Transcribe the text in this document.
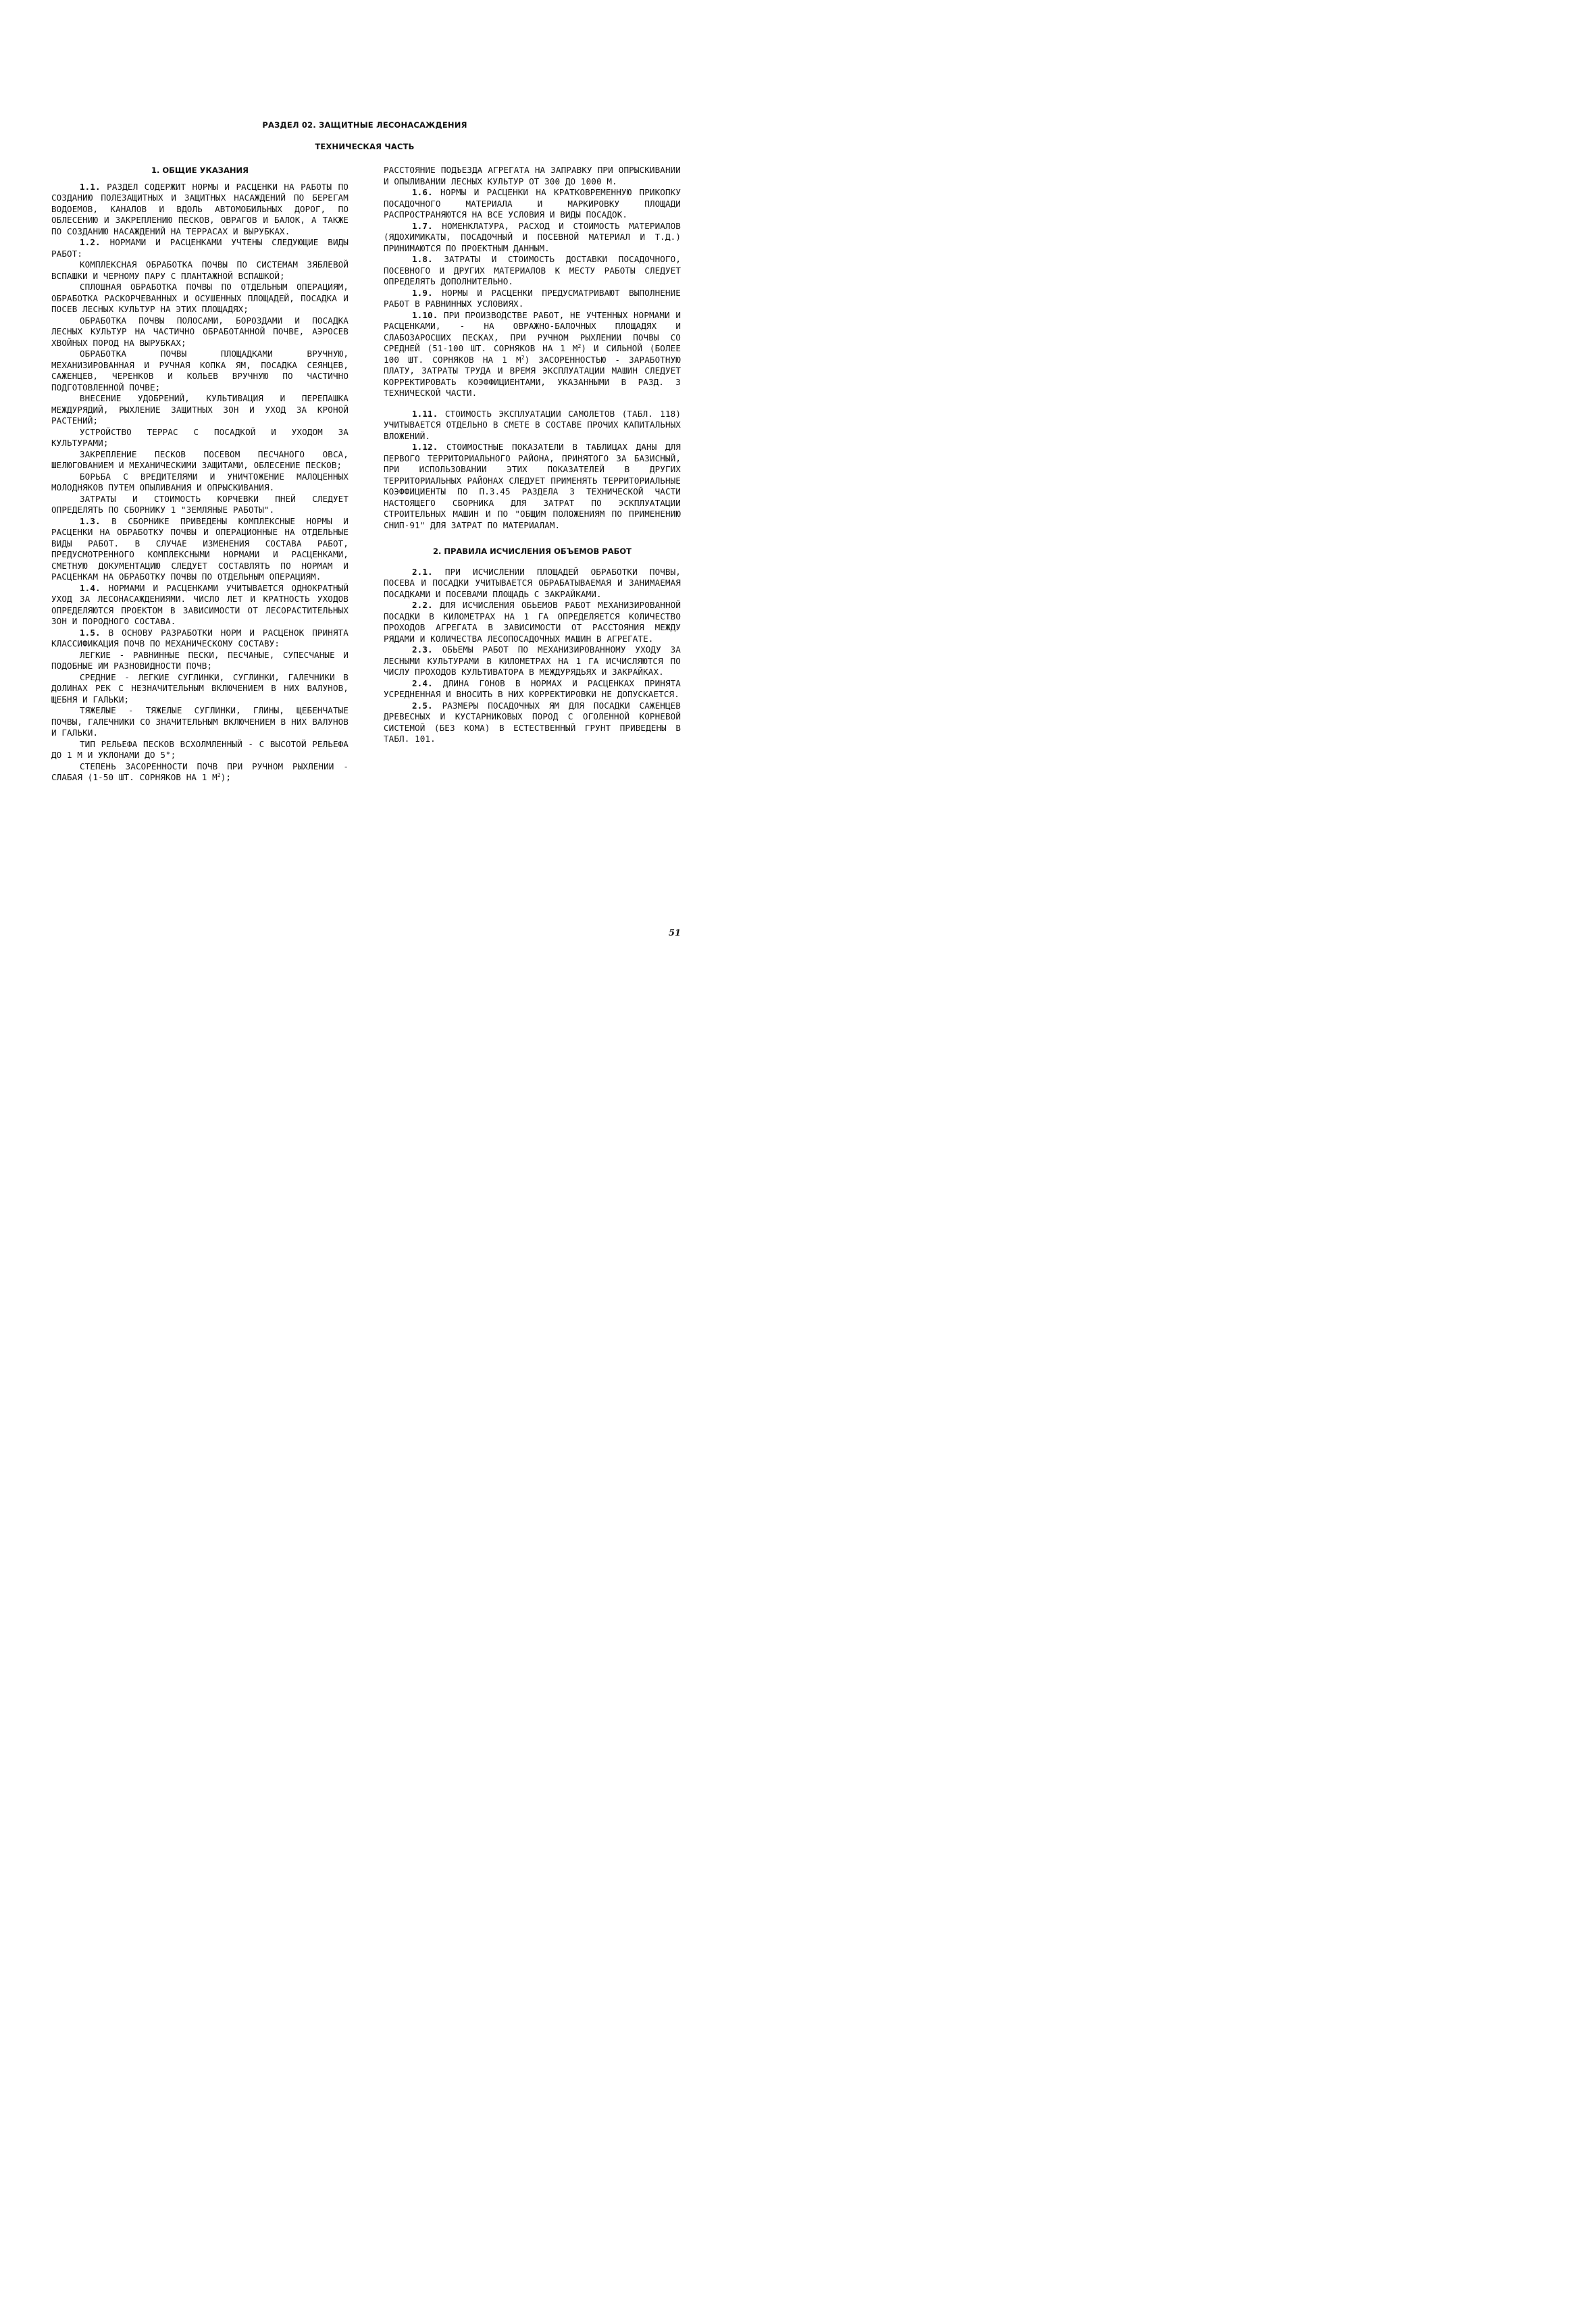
РАЗДЕЛ 02. ЗАЩИТНЫЕ ЛЕСОНАСАЖДЕНИЯ
ТЕХНИЧЕСКАЯ ЧАСТЬ
1. ОБЩИЕ УКАЗАНИЯ

1.1. РАЗДЕЛ СОДЕРЖИТ НОРМЫ И РАСЦЕНКИ НА РАБОТЫ ПО СОЗДАНИЮ ПОЛЕЗАЩИТНЫХ И ЗАЩИТНЫХ НАСАЖДЕНИЙ ПО БЕРЕГАМ ВОДОЕМОВ, КАНАЛОВ И ВДОЛЬ АВТОМОБИЛЬНЫХ ДОРОГ, ПО ОБЛЕСЕНИЮ И ЗАКРЕПЛЕНИЮ ПЕСКОВ, ОВРАГОВ И БАЛОК, А ТАКЖЕ ПО СОЗДАНИЮ НАСАЖДЕНИЙ НА ТЕРРАСАХ И ВЫРУБКАХ.

1.2. НОРМАМИ И РАСЦЕНКАМИ УЧТЕНЫ СЛЕДУЮЩИЕ ВИДЫ РАБОТ:

КОМПЛЕКСНАЯ ОБРАБОТКА ПОЧВЫ ПО СИСТЕМАМ ЗЯБЛЕВОЙ ВСПАШКИ И ЧЕРНОМУ ПАРУ С ПЛАНТАЖНОЙ ВСПАШКОЙ;

СПЛОШНАЯ ОБРАБОТКА ПОЧВЫ ПО ОТДЕЛЬНЫМ ОПЕРАЦИЯМ, ОБРАБОТКА РАСКОРЧЕВАННЫХ И ОСУШЕННЫХ ПЛОЩАДЕЙ, ПОСАДКА И ПОСЕВ ЛЕСНЫХ КУЛЬТУР НА ЭТИХ ПЛОЩАДЯХ;

ОБРАБОТКА ПОЧВЫ ПОЛОСАМИ, БОРОЗДАМИ И ПОСАДКА ЛЕСНЫХ КУЛЬТУР НА ЧАСТИЧНО ОБРАБОТАННОЙ ПОЧВЕ, АЭРОСЕВ ХВОЙНЫХ ПОРОД НА ВЫРУБКАХ;

ОБРАБОТКА ПОЧВЫ ПЛОЩАДКАМИ ВРУЧНУЮ, МЕХАНИЗИРОВАННАЯ И РУЧНАЯ КОПКА ЯМ, ПОСАДКА СЕЯНЦЕВ, САЖЕНЦЕВ, ЧЕРЕНКОВ И КОЛЬЕВ ВРУЧНУЮ ПО ЧАСТИЧНО ПОДГОТОВЛЕННОЙ ПОЧВЕ;

ВНЕСЕНИЕ УДОБРЕНИЙ, КУЛЬТИВАЦИЯ И ПЕРЕПАШКА МЕЖДУРЯДИЙ, РЫХЛЕНИЕ ЗАЩИТНЫХ ЗОН И УХОД ЗА КРОНОЙ РАСТЕНИЙ;

УСТРОЙСТВО ТЕРРАС С ПОСАДКОЙ И УХОДОМ ЗА КУЛЬТУРАМИ;

ЗАКРЕПЛЕНИЕ ПЕСКОВ ПОСЕВОМ ПЕСЧАНОГО ОВСА, ШЕЛЮГОВАНИЕМ И МЕХАНИЧЕСКИМИ ЗАЩИТАМИ, ОБЛЕСЕНИЕ ПЕСКОВ;

БОРЬБА С ВРЕДИТЕЛЯМИ И УНИЧТОЖЕНИЕ МАЛОЦЕННЫХ МОЛОДНЯКОВ ПУТЕМ ОПЫЛИВАНИЯ И ОПРЫСКИВАНИЯ.

ЗАТРАТЫ И СТОИМОСТЬ КОРЧЕВКИ ПНЕЙ СЛЕДУЕТ ОПРЕДЕЛЯТЬ ПО СБОРНИКУ 1 "ЗЕМЛЯНЫЕ РАБОТЫ".

1.3. В СБОРНИКЕ ПРИВЕДЕНЫ КОМПЛЕКСНЫЕ НОРМЫ И РАСЦЕНКИ НА ОБРАБОТКУ ПОЧВЫ И ОПЕРАЦИОННЫЕ НА ОТДЕЛЬНЫЕ ВИДЫ РАБОТ. В СЛУЧАЕ ИЗМЕНЕНИЯ СОСТАВА РАБОТ, ПРЕДУСМОТРЕННОГО КОМПЛЕКСНЫМИ НОРМАМИ И РАСЦЕНКАМИ, СМЕТНУЮ ДОКУМЕНТАЦИЮ СЛЕДУЕТ СОСТАВЛЯТЬ ПО НОРМАМ И РАСЦЕНКАМ НА ОБРАБОТКУ ПОЧВЫ ПО ОТДЕЛЬНЫМ ОПЕРАЦИЯМ.

1.4. НОРМАМИ И РАСЦЕНКАМИ УЧИТЫВАЕТСЯ ОДНОКРАТНЫЙ УХОД ЗА ЛЕСОНАСАЖДЕНИЯМИ. ЧИСЛО ЛЕТ И КРАТНОСТЬ УХОДОВ ОПРЕДЕЛЯЮТСЯ ПРОЕКТОМ В ЗАВИСИМОСТИ ОТ ЛЕСОРАСТИТЕЛЬНЫХ ЗОН И ПОРОДНОГО СОСТАВА.

1.5. В ОСНОВУ РАЗРАБОТКИ НОРМ И РАСЦЕНОК ПРИНЯТА КЛАССИФИКАЦИЯ ПОЧВ ПО МЕХАНИЧЕСКОМУ СОСТАВУ:

ЛЕГКИЕ - РАВНИННЫЕ ПЕСКИ, ПЕСЧАНЫЕ, СУПЕСЧАНЫЕ И ПОДОБНЫЕ ИМ РАЗНОВИДНОСТИ ПОЧВ;

СРЕДНИЕ - ЛЕГКИЕ СУГЛИНКИ, СУГЛИНКИ, ГАЛЕЧНИКИ В ДОЛИНАХ РЕК С НЕЗНАЧИТЕЛЬНЫМ ВКЛЮЧЕНИЕМ В НИХ ВАЛУНОВ, ЩЕБНЯ И ГАЛЬКИ;

ТЯЖЕЛЫЕ - ТЯЖЕЛЫЕ СУГЛИНКИ, ГЛИНЫ, ЩЕБЕНЧАТЫЕ ПОЧВЫ, ГАЛЕЧНИКИ СО ЗНАЧИТЕЛЬНЫМ ВКЛЮЧЕНИЕМ В НИХ ВАЛУНОВ И ГАЛЬКИ.

ТИП РЕЛЬЕФА ПЕСКОВ ВСХОЛМЛЕННЫЙ - С ВЫСОТОЙ РЕЛЬЕФА ДО 1 М И УКЛОНАМИ ДО 5°;

СТЕПЕНЬ ЗАСОРЕННОСТИ ПОЧВ ПРИ РУЧНОМ РЫХЛЕНИИ - СЛАБАЯ (1-50 ШТ. СОРНЯКОВ НА 1 $М^2$);

РАССТОЯНИЕ ПОДЪЕЗДА АГРЕГАТА НА ЗАПРАВКУ ПРИ ОПРЫСКИВАНИИ И ОПЫЛИВАНИИ ЛЕСНЫХ КУЛЬТУР ОТ 300 ДО 1000 М.

1.6. НОРМЫ И РАСЦЕНКИ НА КРАТКОВРЕМЕННУЮ ПРИКОПКУ ПОСАДОЧНОГО МАТЕРИАЛА И МАРКИРОВКУ ПЛОЩАДИ РАСПРОСТРАНЯЮТСЯ НА ВСЕ УСЛОВИЯ И ВИДЫ ПОСАДОК.

1.7. НОМЕНКЛАТУРА, РАСХОД И СТОИМОСТЬ МАТЕРИАЛОВ (ЯДОХИМИКАТЫ, ПОСАДОЧНЫЙ И ПОСЕВНОЙ МАТЕРИАЛ И Т.Д.) ПРИНИМАЮТСЯ ПО ПРОЕКТНЫМ ДАННЫМ.

1.8. ЗАТРАТЫ И СТОИМОСТЬ ДОСТАВКИ ПОСАДОЧНОГО, ПОСЕВНОГО И ДРУГИХ МАТЕРИАЛОВ К МЕСТУ РАБОТЫ СЛЕДУЕТ ОПРЕДЕЛЯТЬ ДОПОЛНИТЕЛЬНО.

1.9. НОРМЫ И РАСЦЕНКИ ПРЕДУСМАТРИВАЮТ ВЫПОЛНЕНИЕ РАБОТ В РАВНИННЫХ УСЛОВИЯХ.

1.10. ПРИ ПРОИЗВОДСТВЕ РАБОТ, НЕ УЧТЕННЫХ НОРМАМИ И РАСЦЕНКАМИ, - НА ОВРАЖНО-БАЛОЧНЫХ ПЛОЩАДЯХ И СЛАБОЗАРОСШИХ ПЕСКАХ, ПРИ РУЧНОМ РЫХЛЕНИИ ПОЧВЫ СО СРЕДНЕЙ (51-100 ШТ. СОРНЯКОВ НА 1 $М^2$) И СИЛЬНОЙ (БОЛЕЕ 100 ШТ. СОРНЯКОВ НА 1 $М^2$) ЗАСОРЕННОСТЬЮ - ЗАРАБОТНУЮ ПЛАТУ, ЗАТРАТЫ ТРУДА И ВРЕМЯ ЭКСПЛУАТАЦИИ МАШИН СЛЕДУЕТ КОРРЕКТИРОВАТЬ КОЭФФИЦИЕНТАМИ, УКАЗАННЫМИ В РАЗД. 3 ТЕХНИЧЕСКОЙ ЧАСТИ.

1.11. СТОИМОСТЬ ЭКСПЛУАТАЦИИ САМОЛЕТОВ (ТАБЛ. 118) УЧИТЫВАЕТСЯ ОТДЕЛЬНО В СМЕТЕ В СОСТАВЕ ПРОЧИХ КАПИТАЛЬНЫХ ВЛОЖЕНИЙ.

1.12. СТОИМОСТНЫЕ ПОКАЗАТЕЛИ В ТАБЛИЦАХ ДАНЫ ДЛЯ ПЕРВОГО ТЕРРИТОРИАЛЬНОГО РАЙОНА, ПРИНЯТОГО ЗА БАЗИСНЫЙ, ПРИ ИСПОЛЬЗОВАНИИ ЭТИХ ПОКАЗАТЕЛЕЙ В ДРУГИХ ТЕРРИТОРИАЛЬНЫХ РАЙОНАХ СЛЕДУЕТ ПРИМЕНЯТЬ ТЕРРИТОРИАЛЬНЫЕ КОЭФФИЦИЕНТЫ ПО П.3.45 РАЗДЕЛА 3 ТЕХНИЧЕСКОЙ ЧАСТИ НАСТОЯЩЕГО СБОРНИКА ДЛЯ ЗАТРАТ ПО ЭСКПЛУАТАЦИИ СТРОИТЕЛЬНЫХ МАШИН И ПО "ОБЩИМ ПОЛОЖЕНИЯМ ПО ПРИМЕНЕНИЮ СНИП-91" ДЛЯ ЗАТРАТ ПО МАТЕРИАЛАМ.

2. ПРАВИЛА ИСЧИСЛЕНИЯ ОБЪЕМОВ РАБОТ

2.1. ПРИ ИСЧИСЛЕНИИ ПЛОЩАДЕЙ ОБРАБОТКИ ПОЧВЫ, ПОСЕВА И ПОСАДКИ УЧИТЫВАЕТСЯ ОБРАБАТЫВАЕМАЯ И ЗАНИМАЕМАЯ ПОСАДКАМИ И ПОСЕВАМИ ПЛОЩАДЬ С ЗАКРАЙКАМИ.

2.2. ДЛЯ ИСЧИСЛЕНИЯ ОБЬЕМОВ РАБОТ МЕХАНИЗИРОВАННОЙ ПОСАДКИ В КИЛОМЕТРАХ НА 1 ГА ОПРЕДЕЛЯЕТСЯ КОЛИЧЕСТВО ПРОХОДОВ АГРЕГАТА В ЗАВИСИМОСТИ ОТ РАССТОЯНИЯ МЕЖДУ РЯДАМИ И КОЛИЧЕСТВА ЛЕСОПОСАДОЧНЫХ МАШИН В АГРЕГАТЕ.

2.3. ОБЬЕМЫ РАБОТ ПО МЕХАНИЗИРОВАННОМУ УХОДУ ЗА ЛЕСНЫМИ КУЛЬТУРАМИ В КИЛОМЕТРАХ НА 1 ГА ИСЧИСЛЯЮТСЯ ПО ЧИСЛУ ПРОХОДОВ КУЛЬТИВАТОРА В МЕЖДУРЯДЬЯХ И ЗАКРАЙКАХ.

2.4. ДЛИНА ГОНОВ В НОРМАХ И РАСЦЕНКАХ ПРИНЯТА УСРЕДНЕННАЯ И ВНОСИТЬ В НИХ КОРРЕКТИРОВКИ НЕ ДОПУСКАЕТСЯ.

2.5. РАЗМЕРЫ ПОСАДОЧНЫХ ЯМ ДЛЯ ПОСАДКИ САЖЕНЦЕВ ДРЕВЕСНЫХ И КУСТАРНИКОВЫХ ПОРОД С ОГОЛЕННОЙ КОРНЕВОЙ СИСТЕМОЙ (БЕЗ КОМА) В ЕСТЕСТВЕННЫЙ ГРУНТ ПРИВЕДЕНЫ В ТАБЛ. 101.

51
